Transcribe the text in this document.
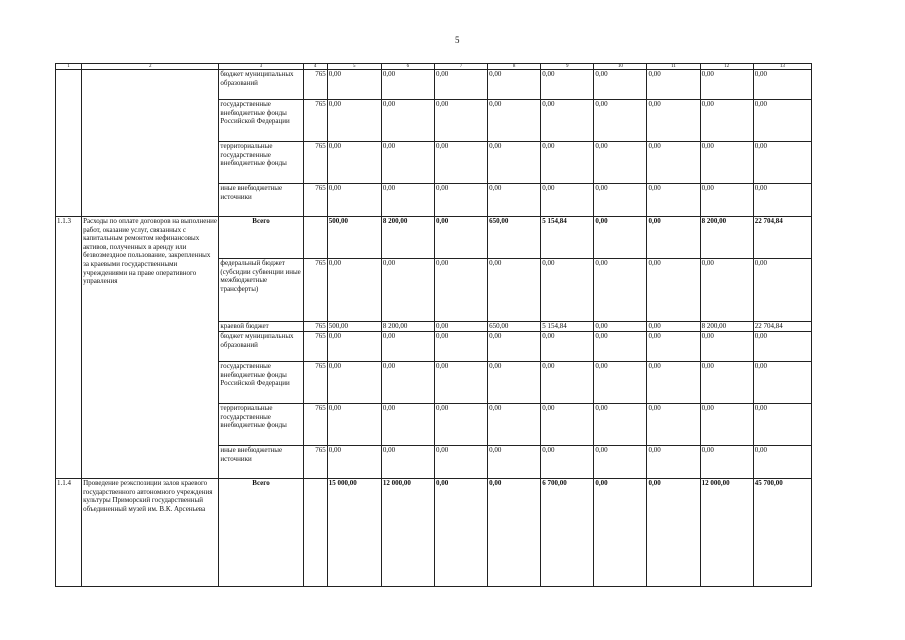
5
1	2	3	4	5	6	7	8	9	10	11	12	13
		бюджет муниципальных образований	765	0,00	0,00	0,00	0,00	0,00	0,00	0,00	0,00	0,00
		государственные внебюджетные фонды Российской Федерации	765	0,00	0,00	0,00	0,00	0,00	0,00	0,00	0,00	0,00
		территориальные государственные внебюджетные фонды	765	0,00	0,00	0,00	0,00	0,00	0,00	0,00	0,00	0,00
		иные внебюджетные источники	765	0,00	0,00	0,00	0,00	0,00	0,00	0,00	0,00	0,00
1.1.3	Расходы по оплате договоров на выполнение работ, оказание услуг, связанных с капитальным ремонтом нефинансовых активов, полученных в аренду или безвозмездное пользование, закрепленных за краевыми государственными учреждениями на праве оперативного управления	Всего		500,00	8 200,00	0,00	650,00	5 154,84	0,00	0,00	8 200,00	22 704,84
		федеральный бюджет (субсидии субвенции иные межбюджетные трансферты)	765	0,00	0,00	0,00	0,00	0,00	0,00	0,00	0,00	0,00
		краевой бюджет	765	500,00	8 200,00	0,00	650,00	5 154,84	0,00	0,00	8 200,00	22 704,84
		бюджет муниципальных образований	765	0,00	0,00	0,00	0,00	0,00	0,00	0,00	0,00	0,00
		государственные внебюджетные фонды Российской Федерации	765	0,00	0,00	0,00	0,00	0,00	0,00	0,00	0,00	0,00
		территориальные государственные внебюджетные фонды	765	0,00	0,00	0,00	0,00	0,00	0,00	0,00	0,00	0,00
		иные внебюджетные источники	765	0,00	0,00	0,00	0,00	0,00	0,00	0,00	0,00	0,00
1.1.4	Проведение реэкспозиции залов краевого государственного автономного учреждения культуры Приморский государственный объединенный музей им. В.К. Арсеньева	Всего		15 000,00	12 000,00	0,00	0,00	6 700,00	0,00	0,00	12 000,00	45 700,00
